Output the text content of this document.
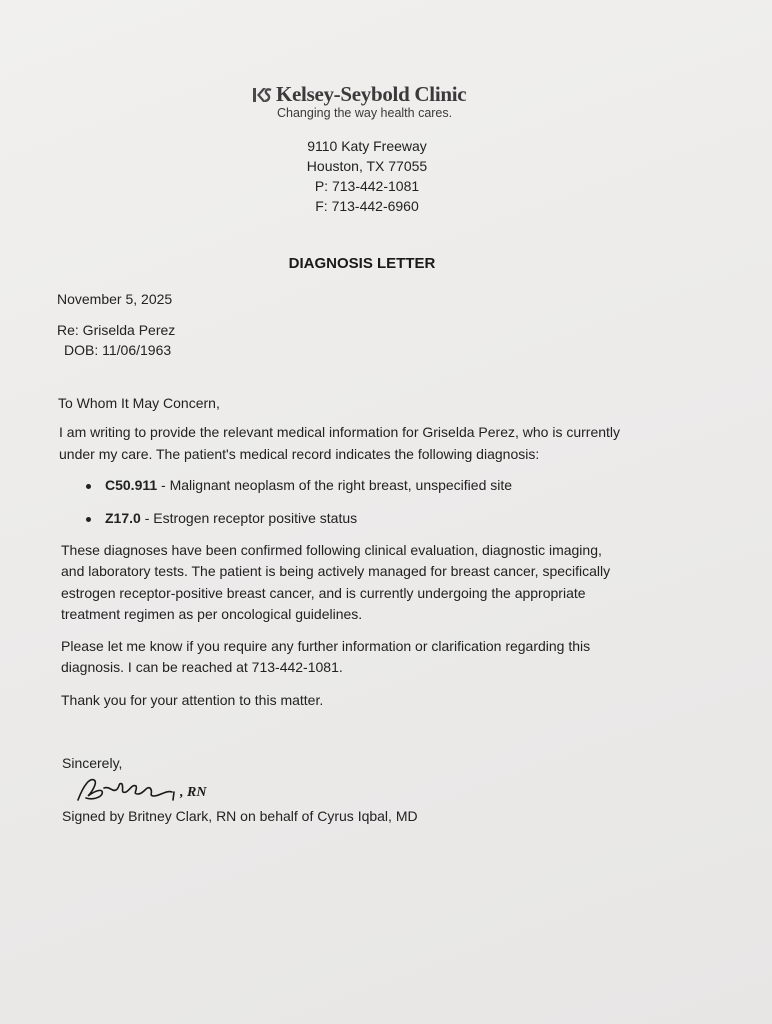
Kelsey-Seybold Clinic
Changing the way health cares.
9110 Katy Freeway
Houston, TX 77055
P: 713-442-1081
F: 713-442-6960
DIAGNOSIS LETTER
November 5, 2025
Re: Griselda Perez
DOB: 11/06/1963
To Whom It May Concern,
I am writing to provide the relevant medical information for Griselda Perez, who is currently
under my care. The patient's medical record indicates the following diagnosis:
C50.911 - Malignant neoplasm of the right breast, unspecified site
Z17.0 - Estrogen receptor positive status
These diagnoses have been confirmed following clinical evaluation, diagnostic imaging,
and laboratory tests. The patient is being actively managed for breast cancer, specifically
estrogen receptor-positive breast cancer, and is currently undergoing the appropriate
treatment regimen as per oncological guidelines.
Please let me know if you require any further information or clarification regarding this
diagnosis. I can be reached at 713-442-1081.
Thank you for your attention to this matter.
Sincerely,
, RN
Signed by Britney Clark, RN on behalf of Cyrus Iqbal, MD
